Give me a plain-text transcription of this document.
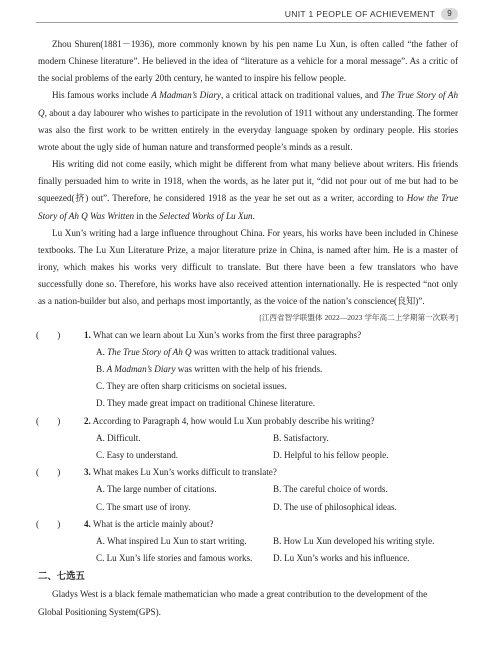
UNIT 1 PEOPLE OF ACHIEVEMENT	9

Zhou Shuren(1881－1936), more commonly known by his pen name Lu Xun, is often called “the father of modern Chinese literature”. He believed in the idea of “literature as a vehicle for a moral message”. As a critic of the social problems of the early 20th century, he wanted to inspire his fellow people.

His famous works include A Madman’s Diary, a critical attack on traditional values, and The True Story of Ah Q, about a day labourer who wishes to participate in the revolution of 1911 without any understanding. The former was also the first work to be written entirely in the everyday language spoken by ordinary people. His stories wrote about the ugly side of human nature and transformed people’s minds as a result.

His writing did not come easily, which might be different from what many believe about writers. His friends finally persuaded him to write in 1918, when the words, as he later put it, “did not pour out of me but had to be squeezed(挤) out”. Therefore, he considered 1918 as the year he set out as a writer, according to How the True Story of Ah Q Was Written in the Selected Works of Lu Xun.

Lu Xun’s writing had a large influence throughout China. For years, his works have been included in Chinese textbooks. The Lu Xun Literature Prize, a major literature prize in China, is named after him. He is a master of irony, which makes his works very difficult to translate. But there have been a few translators who have successfully done so. Therefore, his works have also received attention internationally. He is respected “not only as a nation-builder but also, and perhaps most importantly, as the voice of the nation’s conscience(良知)”.

[江西省智学联盟体 2022—2023 学年高二上学期第一次联考]
(　　)	1. What can we learn about Lu Xun’s works from the first three paragraphs?
A. The True Story of Ah Q was written to attack traditional values.
B. A Madman’s Diary was written with the help of his friends.
C. They are often sharp criticisms on societal issues.
D. They made great impact on traditional Chinese literature.
(　　)	2. According to Paragraph 4, how would Lu Xun probably describe his writing?
A. Difficult.	B. Satisfactory.
C. Easy to understand.	D. Helpful to his fellow people.
(　　)	3. What makes Lu Xun’s works difficult to translate?
A. The large number of citations.	B. The careful choice of words.
C. The smart use of irony.	D. The use of philosophical ideas.
(　　)	4. What is the article mainly about?
A. What inspired Lu Xun to start writing.	B. How Lu Xun developed his writing style.
C. Lu Xun’s life stories and famous works.	D. Lu Xun’s works and his influence.
二、七选五

Gladys West is a black female mathematician who made a great contribution to the development of the

Global Positioning System(GPS).
